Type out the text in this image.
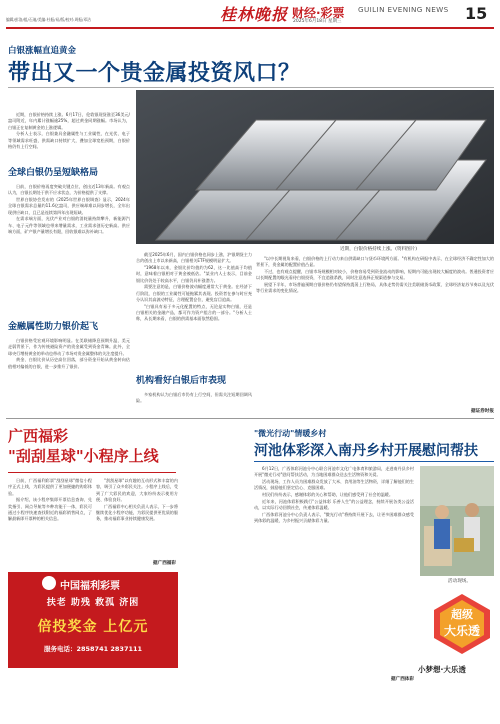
桂林晚报 财经·彩票 GUILIN EVENING NEWS 15
编辑/彭洛/组/石迪/美编:杜振/易/版/校对:周振/邓洁	2025年6月18日 星期三
白银涨幅直追黄金
带出又一个贵金属投资风口？

近期，白银价格持续上涨。6月17日，伦敦银现货涨至36美元/盎司附近，年内累计涨幅逾25%，超过黄金同期涨幅。市场认为，白银正在复制黄金的上涨逻辑。

分析人士表示，白银兼具金融属性与工业属性，在光伏、电子等领域需求旺盛，供需缺口持续扩大，叠加全球宽松预期，白银价格仍有上行空间。

全球白银仍呈短缺格局

日前，白银价格再度突破关键点位，创出近13年新高。有观点认为，白银长期处于供不应求状态，为价格提供了支撑。

世界白银协会发布的《2025年世界白银调查》显示，2024年全球白银需求总量约11.6亿盎司，供应端却难以同步增长，全年出现供应缺口，且已是连续第四年出现短缺。

在需求端方面，光伏产业对白银的消耗量持续攀升，新能源汽车、电子元件等领域也带来增量需求，工业需求创历史新高。供应端方面，矿产银产量增长有限，回收银难以弥补缺口。

金融属性助力银价起飞

白银价格受宏观环境影响明显。在美联储降息预期升温、美元走弱背景下，作为传统避险资产的贵金属受到资金青睐。此外，全球央行增持黄金的举动也带动了市场对贵金属整体的关注度提升。

黄金、白银比价从历史高位回落，部分资金开始从黄金转向估值相对偏低的白银，进一步推升了银价。

截至2025年6月，国内白银价格也同步上涨，沪银期货主力合约创出上市以来新高，白银相关ETF规模明显扩大。

"1968年以来，金银比价均值约为62，这一比值高于均值时，意味着白银相对于黄金被低估。"某业内人士表示，目前金银比价仍处于较高水平，白银仍具补涨潜力。

需要注意的是，白银价格波动幅度通常大于黄金。在经济下行阶段，白银的工业属性可能拖累其表现。投资者在参与时应充分认识其高波动特征，合理配置仓位，避免盲目追高。

"白银具有易于多元化配置的特点，无论是实物白银，还是白银相关的金融产品，都可作为资产组合的一部分。"分析人士称，从长期来看，白银的供需基本面依然稳固。

机构看好白银后市表现

多家机构认为白银后市仍有上行空间，但需关注短期回调风险。

近期，白银价格持续上涨。(资料图片)

"以中长期视角来看，白银价格的上行动力来自供需缺口与货币环境两方面。"有机构在研报中表示，在全球经济不确定性加大的背景下，贵金属的配置价值凸显。

不过，也有观点提醒，白银市场规模相对较小，价格容易受到资金流动的影响，短期内可能出现较大幅度的波动。普通投资者应以长期配置的眼光看待白银投资，不宜追涨杀跌，同时注意选择正规渠道参与交易。

展望下半年，市场普遍预期白银价格仍有望保持震荡上行格局，具体走势仍需关注美联储货币政策、全球经济复苏节奏以及光伏等行业需求的变化情况。

据证券时报
广西福彩
"刮刮星球"小程序上线

日前，广西福利彩票"刮刮星球"微信小程序正式上线，为彩民提供了更加便捷的购彩体验。

据介绍，该小程序集即开票信息查询、兑奖指引、网点导航等多种功能于一体，彩民可通过小程序快速查找附近的福彩销售网点，了解最新即开票种的相关信息。

"刮刮星球"以有趣的互动形式和丰富的内容，吸引了众多彩民关注。小程序上线后，受到了广大彩民的欢迎，大家纷纷表示使用方便、体验良好。

广西福彩中心相关负责人表示，下一步将继续优化小程序功能，为彩民提供更优质的服务，推动福彩事业持续健康发展。

据广西福彩
中国福利彩票
扶老 助残 救孤 济困
倍投奖金 上亿元
服务电话：2858741 2837111
"微光行动"情暖乡村
河池体彩深入南丹乡村开展慰问帮扶

6月12日，广西体彩河池分中心联合河池市文化广电体育和旅游局，走进南丹县乡村开展"微光行动"慰问帮扶活动，为当地困难群众送去生活物资和关爱。

活动现场，工作人员为困难群众发放了大米、食用油等生活物资，详细了解他们的生活情况，鼓励他们坚定信心、克服困难。

村民们纷纷表示，感谢体彩的关心和帮助，让他们感受到了社会的温暖。

近年来，河池体彩积极践行"公益体彩 乐善人生"的公益理念，持续开展各类公益活动，以实际行动回馈社会，传递体彩温暖。

广西体彩河池分中心负责人表示，"微光行动"将持续开展下去，让更多困难群众感受到体彩的温暖，为乡村振兴贡献体彩力量。

据广西体彩
活动现场。
超级
大乐透
小梦想·大乐透
